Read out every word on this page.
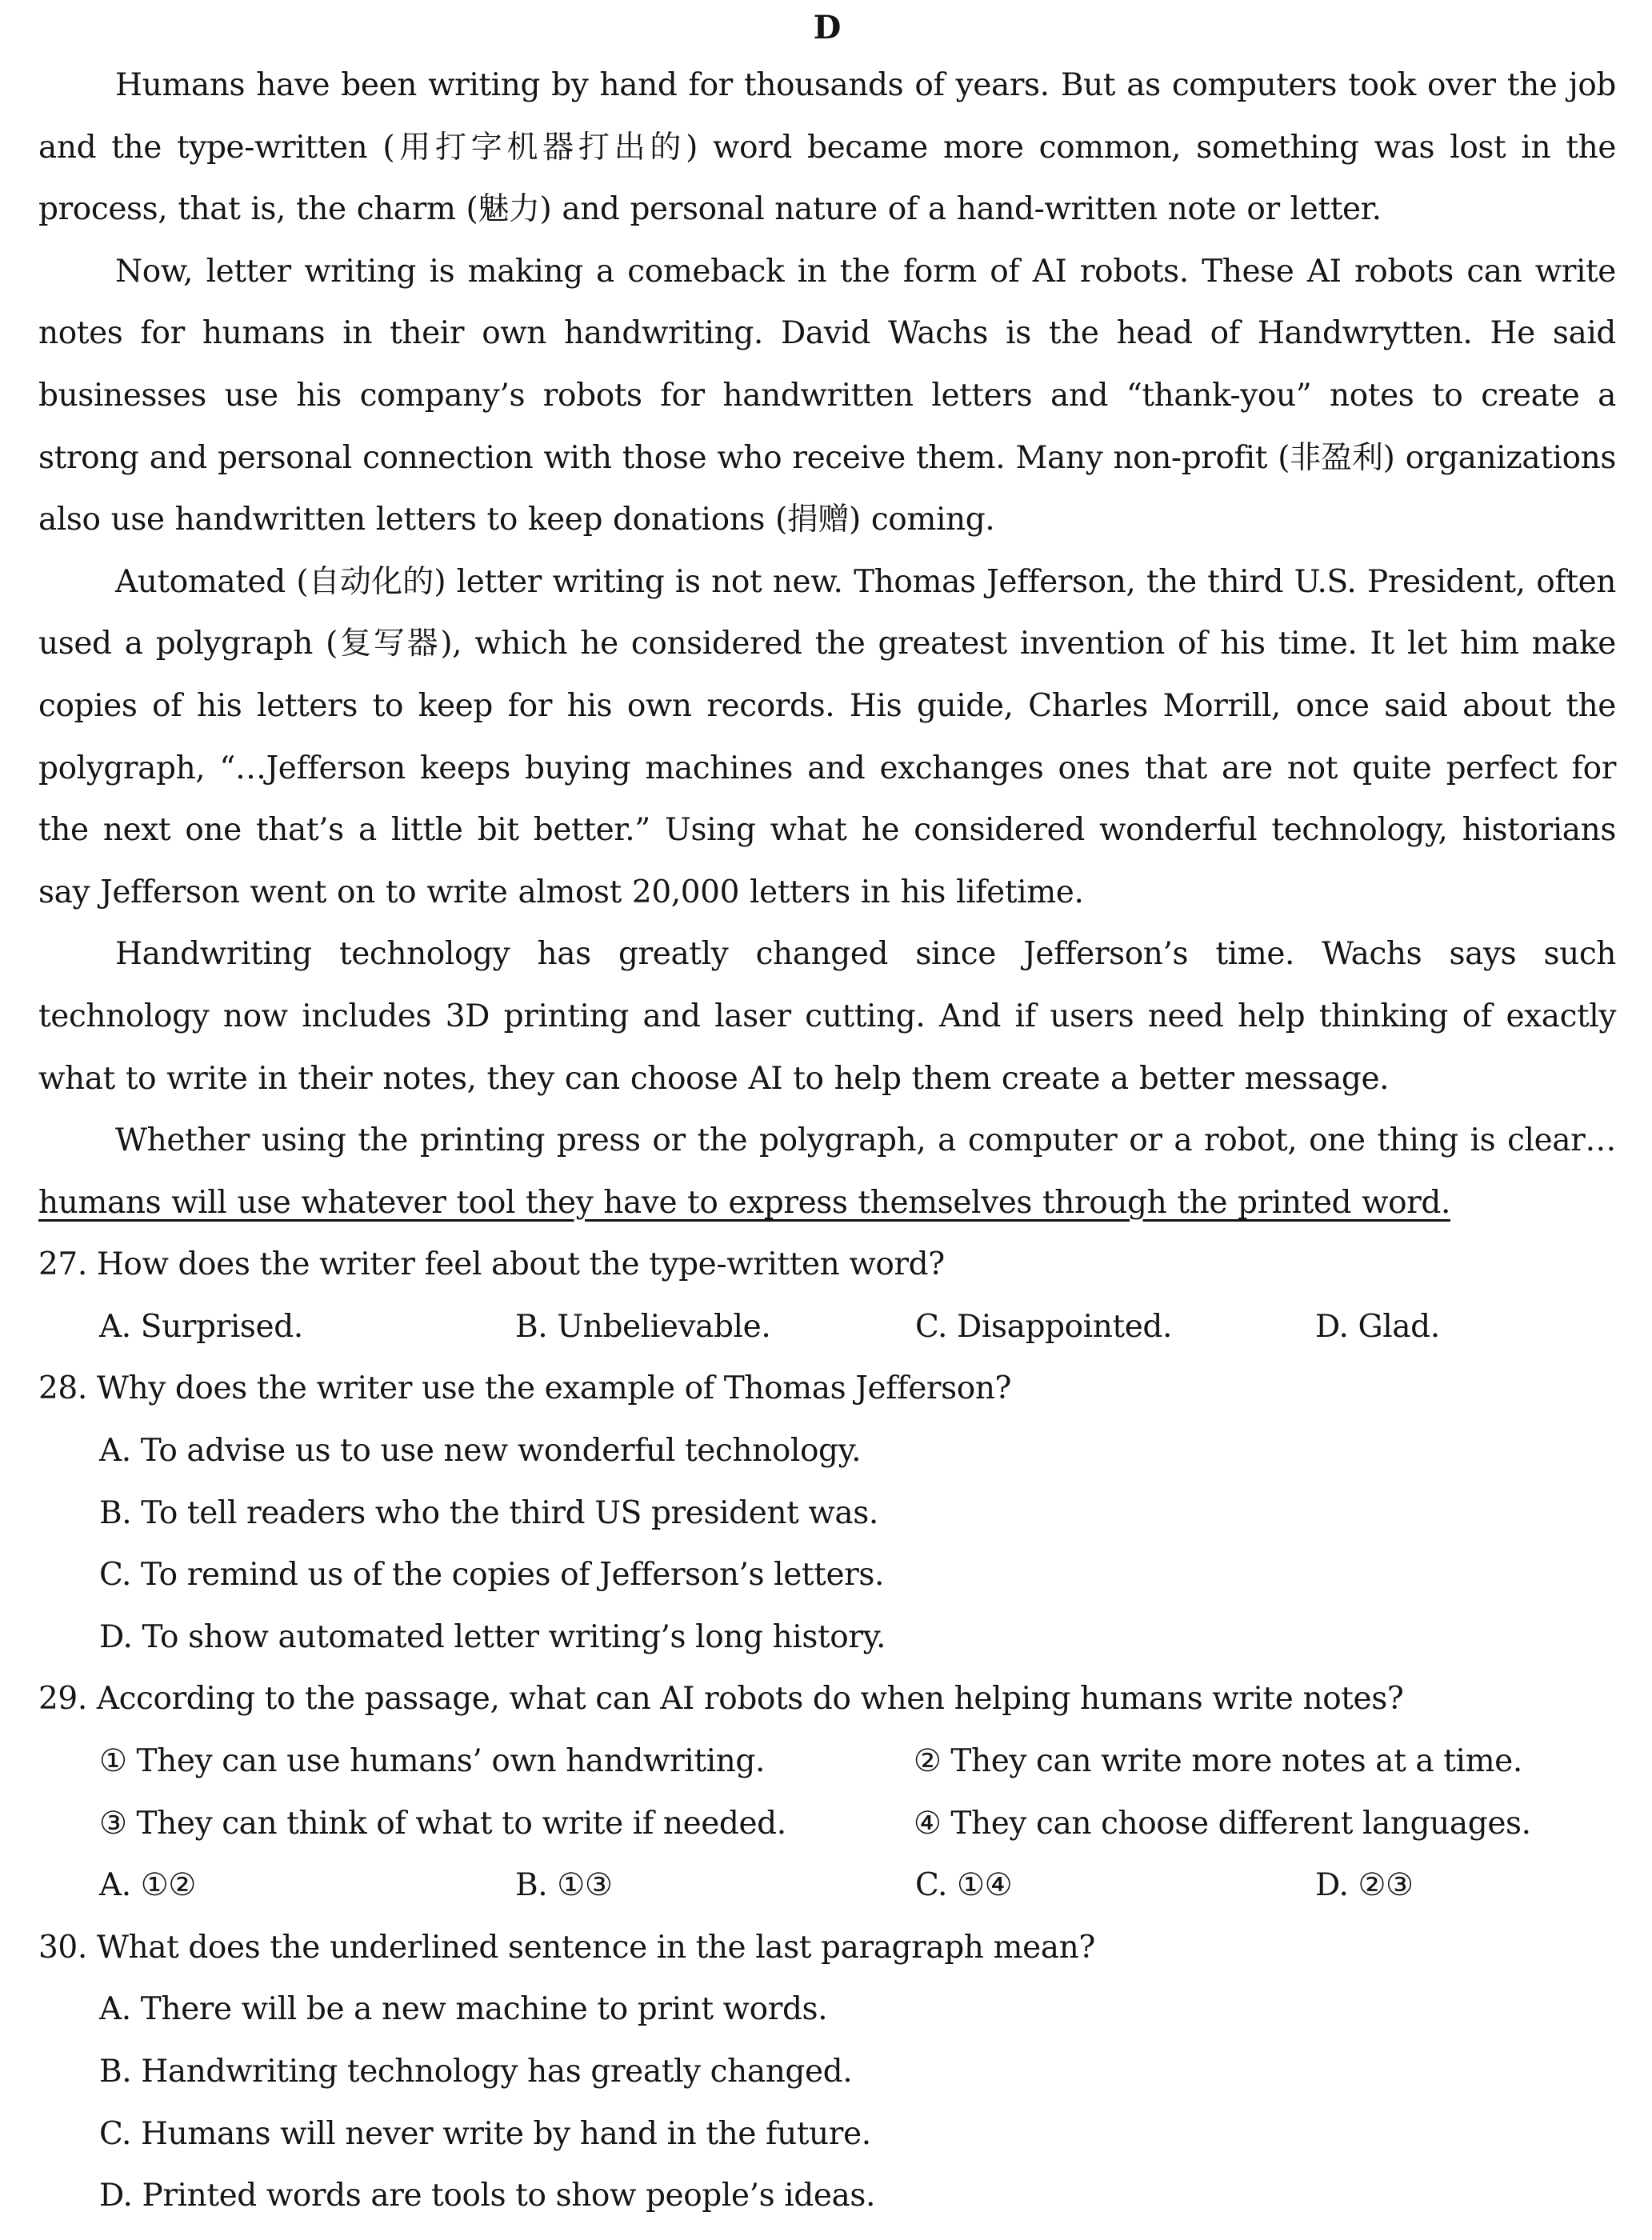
D

Humans have been writing by hand for thousands of years. But as computers took over the job and the type-written (用打字机器打出的) word became more common, something was lost in the process, that is, the charm (魅力) and personal nature of a hand-written note or letter.

Now, letter writing is making a comeback in the form of AI robots. These AI robots can write notes for humans in their own handwriting. David Wachs is the head of Handwrytten. He said businesses use his company’s robots for handwritten letters and “thank-you” notes to create a strong and personal connection with those who receive them. Many non-profit (非盈利) organizations also use handwritten letters to keep donations (捐赠) coming.

Automated (自动化的) letter writing is not new. Thomas Jefferson, the third U.S. President, often used a polygraph (复写器), which he considered the greatest invention of his time. It let him make copies of his letters to keep for his own records. His guide, Charles Morrill, once said about the polygraph, “…Jefferson keeps buying machines and exchanges ones that are not quite perfect for the next one that’s a little bit better.” Using what he considered wonderful technology, historians say Jefferson went on to write almost 20,000 letters in his lifetime.

Handwriting technology has greatly changed since Jefferson’s time. Wachs says such technology now includes 3D printing and laser cutting. And if users need help thinking of exactly what to write in their notes, they can choose AI to help them create a better message.

Whether using the printing press or the polygraph, a computer or a robot, one thing is clear…humans will use whatever tool they have to express themselves through the printed word.

27. How does the writer feel about the type-written word?

A. Surprised.	B. Unbelievable.	C. Disappointed.	D. Glad.

28. Why does the writer use the example of Thomas Jefferson?

A. To advise us to use new wonderful technology.

B. To tell readers who the third US president was.

C. To remind us of the copies of Jefferson’s letters.

D. To show automated letter writing’s long history.

29. According to the passage, what can AI robots do when helping humans write notes?

① They can use humans’ own handwriting.	② They can write more notes at a time.
③ They can think of what to write if needed.	④ They can choose different languages.
A. ①②	B. ①③	C. ①④	D. ②③

30. What does the underlined sentence in the last paragraph mean?

A. There will be a new machine to print words.

B. Handwriting technology has greatly changed.

C. Humans will never write by hand in the future.

D. Printed words are tools to show people’s ideas.
